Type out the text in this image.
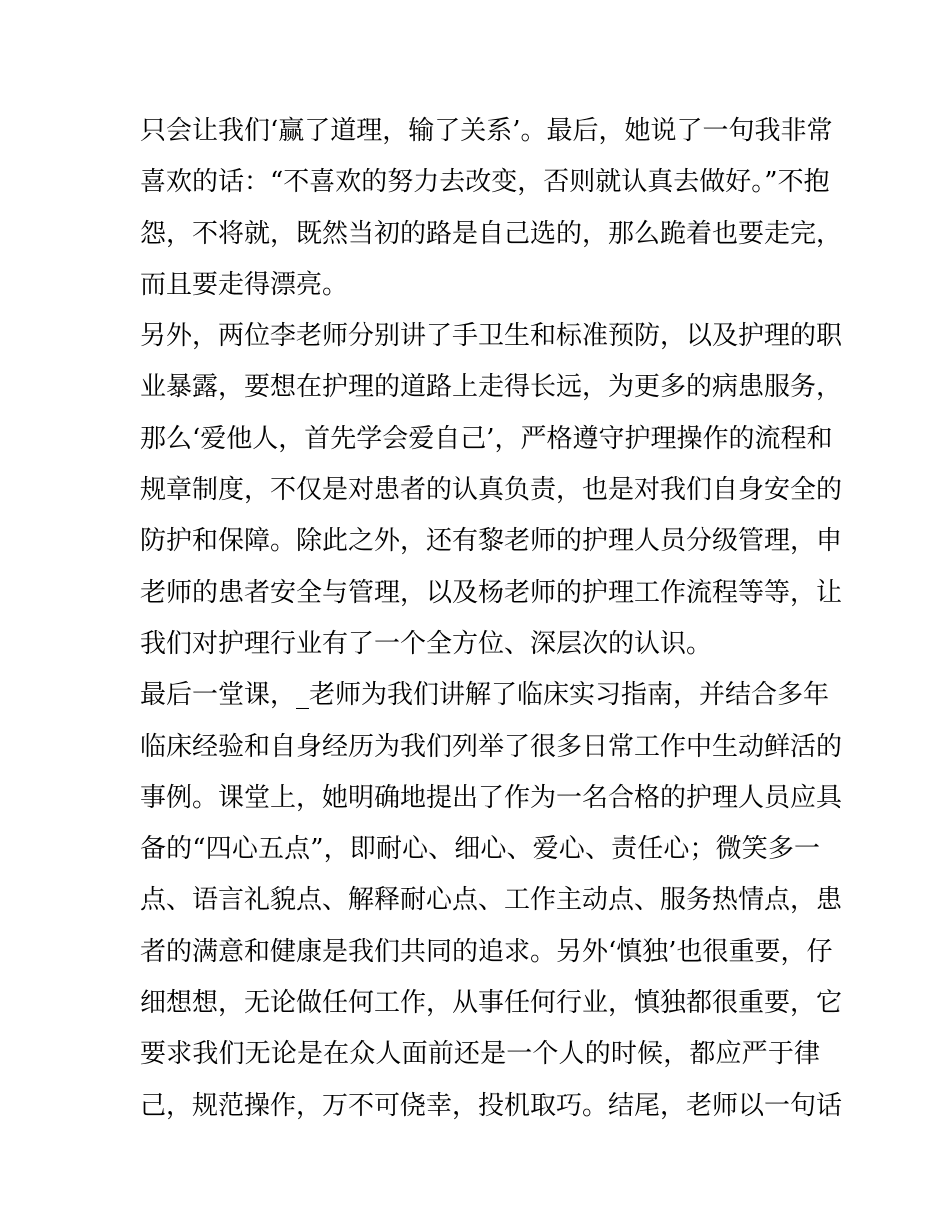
只会让我们‘赢了道理，输了关系’。最后，她说了一句我非常
喜欢的话：“不喜欢的努力去改变，否则就认真去做好。”不抱
怨，不将就，既然当初的路是自己选的，那么跪着也要走完，
而且要走得漂亮。
另外，两位李老师分别讲了手卫生和标准预防，以及护理的职
业暴露，要想在护理的道路上走得长远，为更多的病患服务，
那么‘爱他人，首先学会爱自己’，严格遵守护理操作的流程和
规章制度，不仅是对患者的认真负责，也是对我们自身安全的
防护和保障。除此之外，还有黎老师的护理人员分级管理，申
老师的患者安全与管理，以及杨老师的护理工作流程等等，让
我们对护理行业有了一个全方位、深层次的认识。
最后一堂课，_老师为我们讲解了临床实习指南，并结合多年
临床经验和自身经历为我们列举了很多日常工作中生动鲜活的
事例。课堂上，她明确地提出了作为一名合格的护理人员应具
备的“四心五点”，即耐心、细心、爱心、责任心；微笑多一
点、语言礼貌点、解释耐心点、工作主动点、服务热情点，患
者的满意和健康是我们共同的追求。另外‘慎独’也很重要，仔
细想想，无论做任何工作，从事任何行业，慎独都很重要，它
要求我们无论是在众人面前还是一个人的时候，都应严于律
己，规范操作，万不可侥幸，投机取巧。结尾，老师以一句话
